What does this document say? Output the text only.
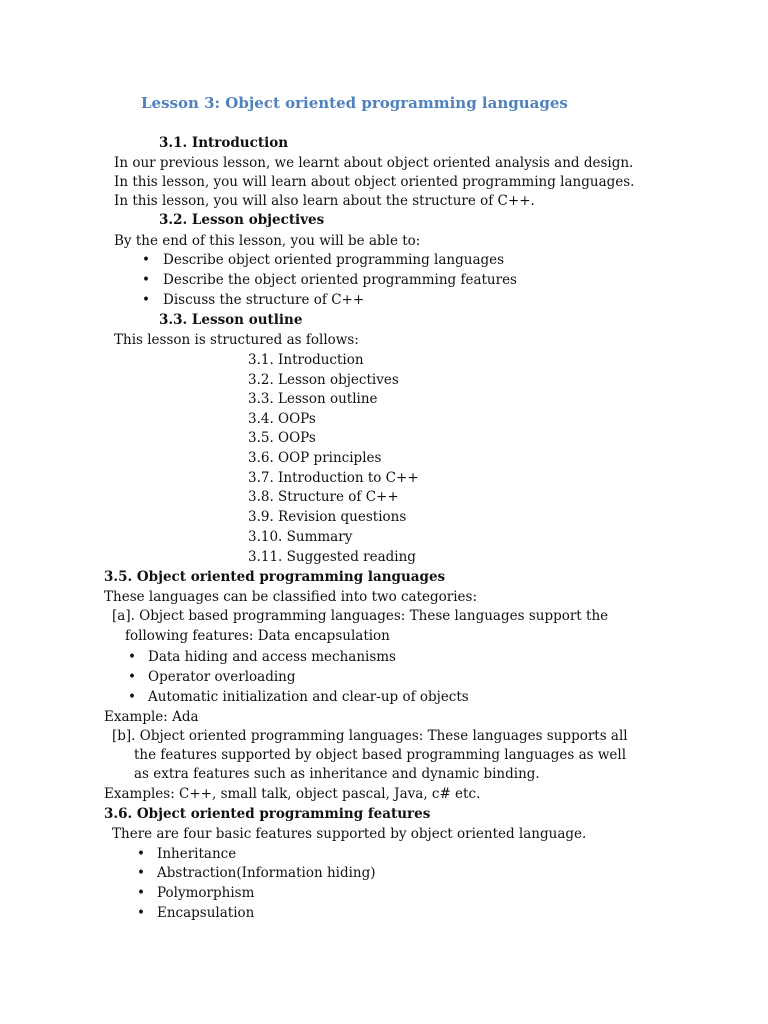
Lesson 3: Object oriented programming languages
3.1. Introduction
In our previous lesson, we learnt about object oriented analysis and design.
In this lesson, you will learn about object oriented programming languages.
In this lesson, you will also learn about the structure of C++.
3.2. Lesson objectives
By the end of this lesson, you will be able to:
• Describe object oriented programming languages
• Describe the object oriented programming features
• Discuss the structure of C++
3.3. Lesson outline
This lesson is structured as follows:
3.1. Introduction
3.2. Lesson objectives
3.3. Lesson outline
3.4. OOPs
3.5. OOPs
3.6. OOP principles
3.7. Introduction to C++
3.8. Structure of C++
3.9. Revision questions
3.10. Summary
3.11. Suggested reading
3.5. Object oriented programming languages
These languages can be classified into two categories:
[a]. Object based programming languages: These languages support the
following features: Data encapsulation
• Data hiding and access mechanisms
• Operator overloading
• Automatic initialization and clear-up of objects
Example: Ada
[b]. Object oriented programming languages: These languages supports all
the features supported by object based programming languages as well
as extra features such as inheritance and dynamic binding.
Examples: C++, small talk, object pascal, Java, c# etc.
3.6. Object oriented programming features
There are four basic features supported by object oriented language.
• Inheritance
• Abstraction(Information hiding)
• Polymorphism
• Encapsulation
